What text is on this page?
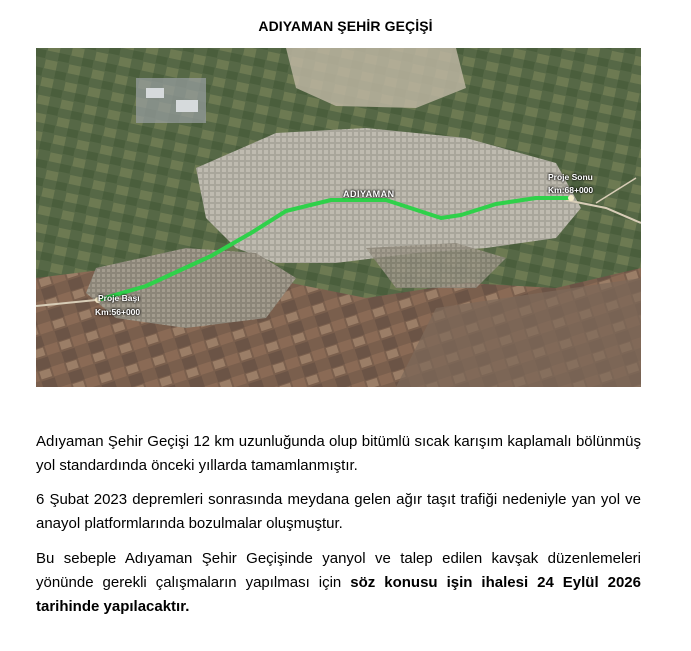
ADIYAMAN ŞEHİR GEÇİŞİ
ADIYAMAN
Proje Başı
Km:56+000
Proje Sonu
Km:68+000

Adıyaman Şehir Geçişi 12 km uzunluğunda olup bitümlü sıcak karışım kaplamalı bölünmüş yol standardında önceki yıllarda tamamlanmıştır.

6 Şubat 2023 depremleri sonrasında meydana gelen ağır taşıt trafiği nedeniyle yan yol ve anayol platformlarında bozulmalar oluşmuştur.

Bu sebeple Adıyaman Şehir Geçişinde yanyol ve talep edilen kavşak düzenlemeleri yönünde gerekli çalışmaların yapılması için söz konusu işin ihalesi 24 Eylül 2026 tarihinde yapılacaktır.
